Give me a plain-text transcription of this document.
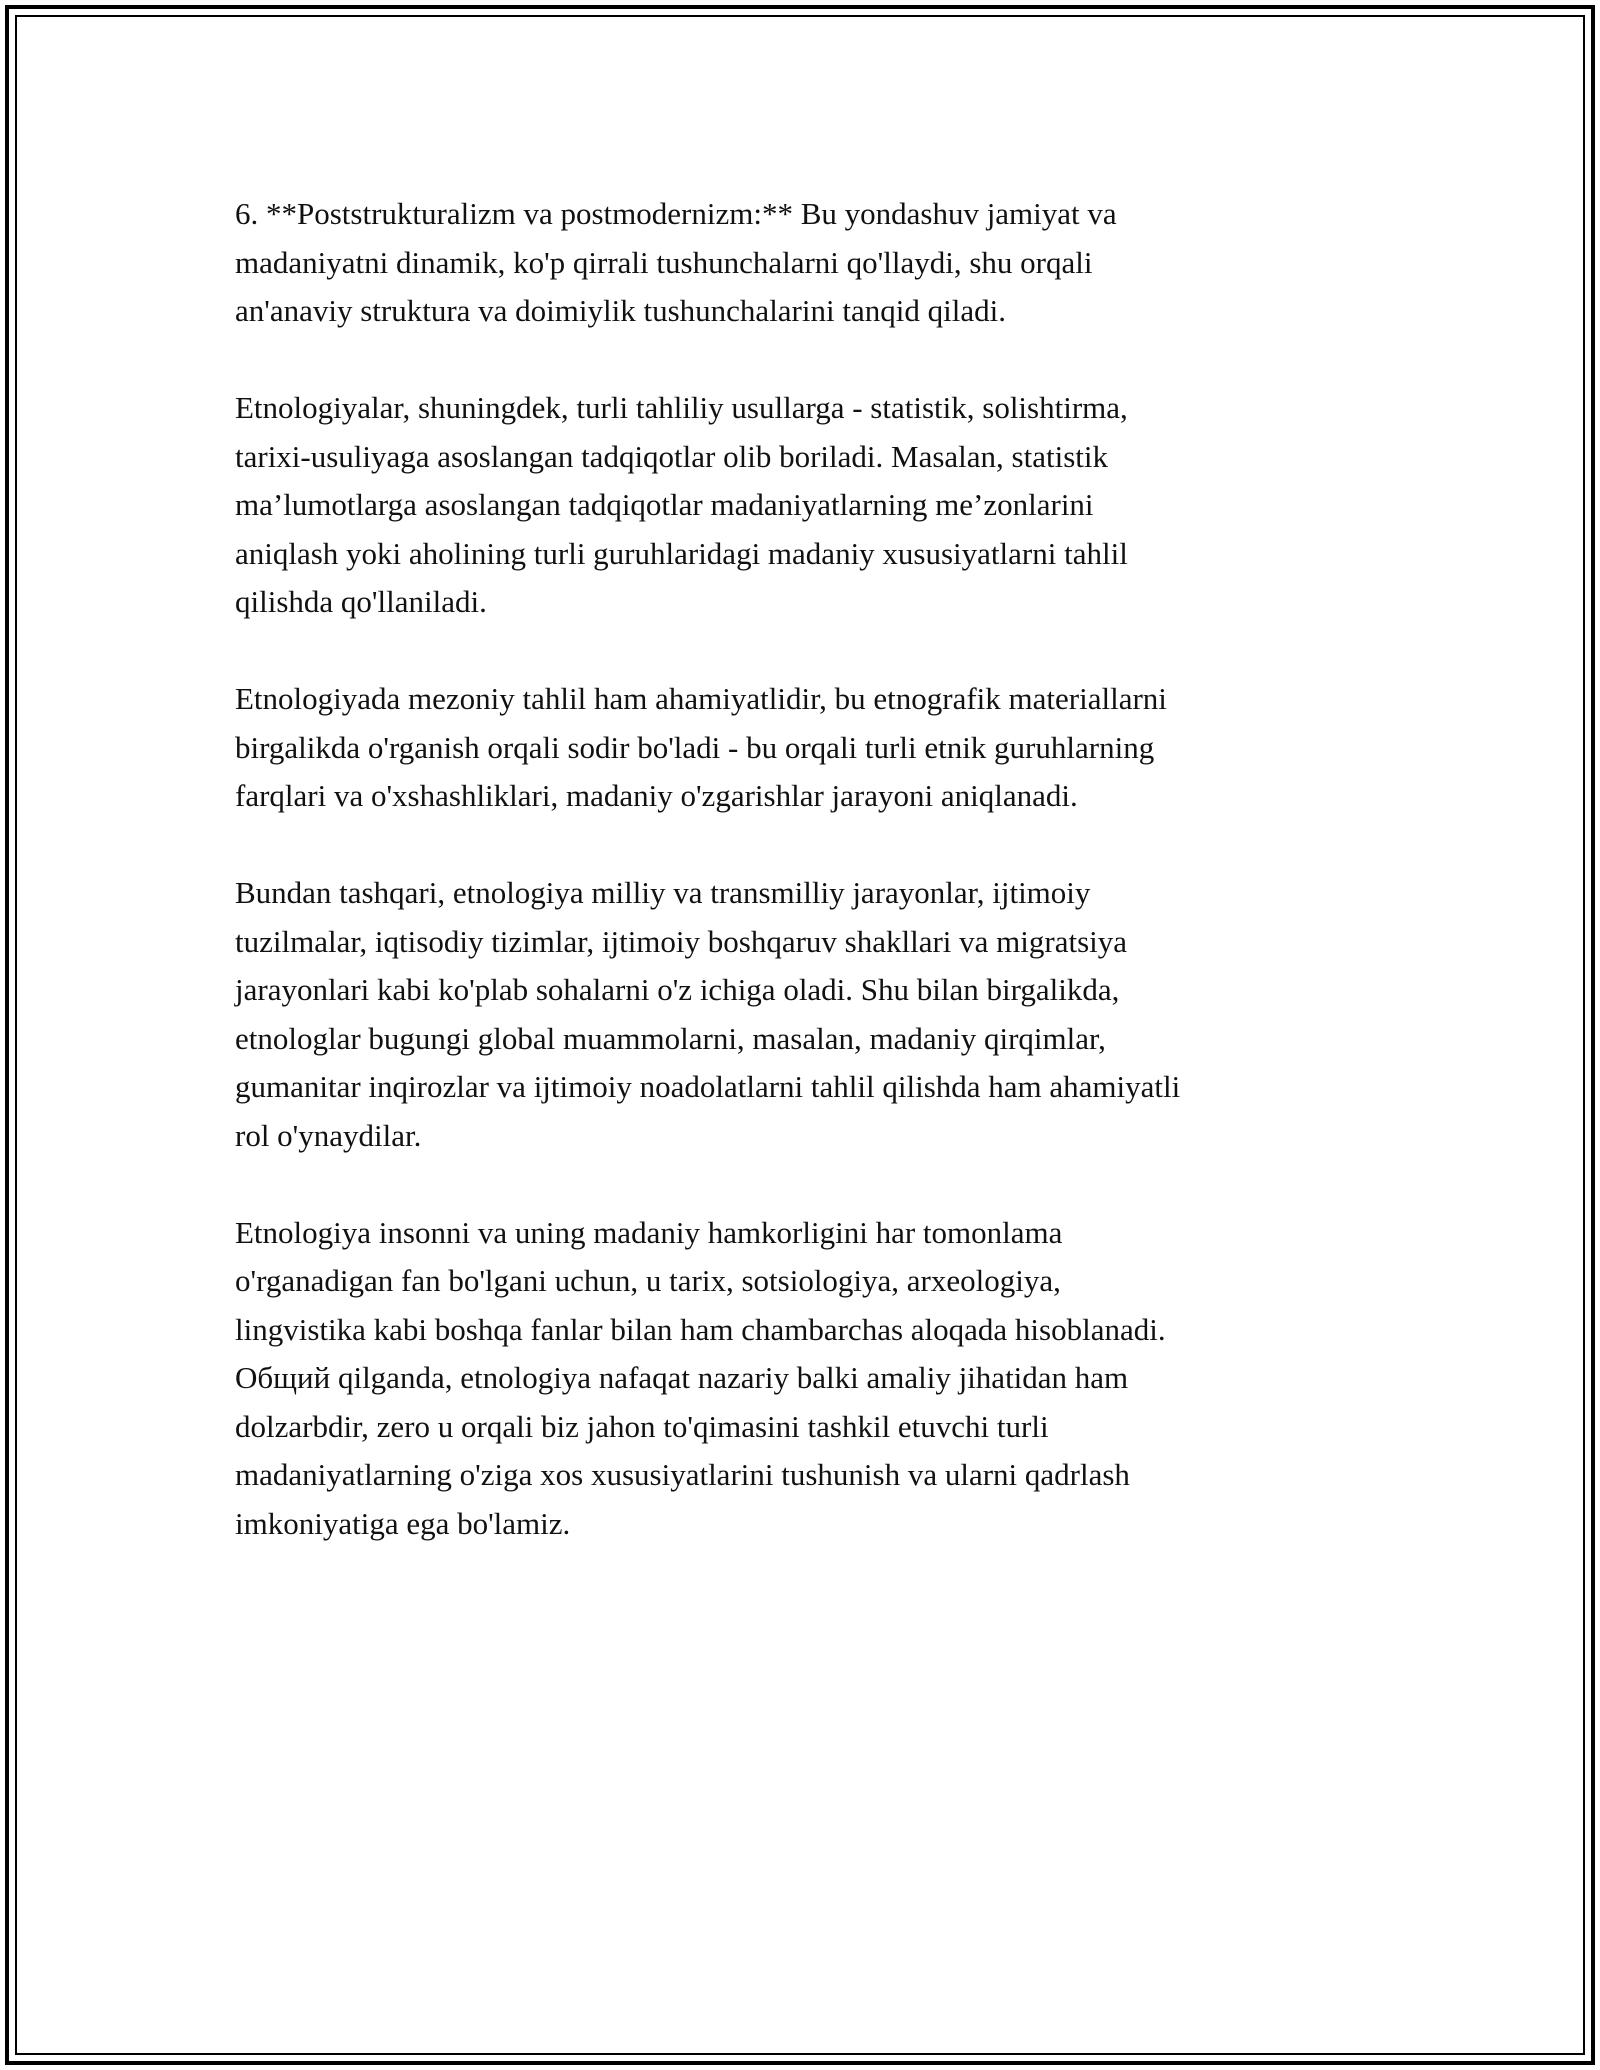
6. **Poststrukturalizm va postmodernizm:** Bu yondashuv jamiyat va
madaniyatni dinamik, ko'p qirrali tushunchalarni qo'llaydi, shu orqali
an'anaviy struktura va doimiylik tushunchalarini tanqid qiladi.

Etnologiyalar, shuningdek, turli tahliliy usullarga - statistik, solishtirma,
tarixi-usuliyaga asoslangan tadqiqotlar olib boriladi. Masalan, statistik
ma’lumotlarga asoslangan tadqiqotlar madaniyatlarning me’zonlarini
aniqlash yoki aholining turli guruhlaridagi madaniy xususiyatlarni tahlil
qilishda qo'llaniladi.

Etnologiyada mezoniy tahlil ham ahamiyatlidir, bu etnografik materiallarni
birgalikda o'rganish orqali sodir bo'ladi - bu orqali turli etnik guruhlarning
farqlari va o'xshashliklari, madaniy o'zgarishlar jarayoni aniqlanadi.

Bundan tashqari, etnologiya milliy va transmilliy jarayonlar, ijtimoiy
tuzilmalar, iqtisodiy tizimlar, ijtimoiy boshqaruv shakllari va migratsiya
jarayonlari kabi ko'plab sohalarni o'z ichiga oladi. Shu bilan birgalikda,
etnologlar bugungi global muammolarni, masalan, madaniy qirqimlar,
gumanitar inqirozlar va ijtimoiy noadolatlarni tahlil qilishda ham ahamiyatli
rol o'ynaydilar.

Etnologiya insonni va uning madaniy hamkorligini har tomonlama
o'rganadigan fan bo'lgani uchun, u tarix, sotsiologiya, arxeologiya,
lingvistika kabi boshqa fanlar bilan ham chambarchas aloqada hisoblanadi.
Общий qilganda, etnologiya nafaqat nazariy balki amaliy jihatidan ham
dolzarbdir, zero u orqali biz jahon to'qimasini tashkil etuvchi turli
madaniyatlarning o'ziga xos xususiyatlarini tushunish va ularni qadrlash
imkoniyatiga ega bo'lamiz.
